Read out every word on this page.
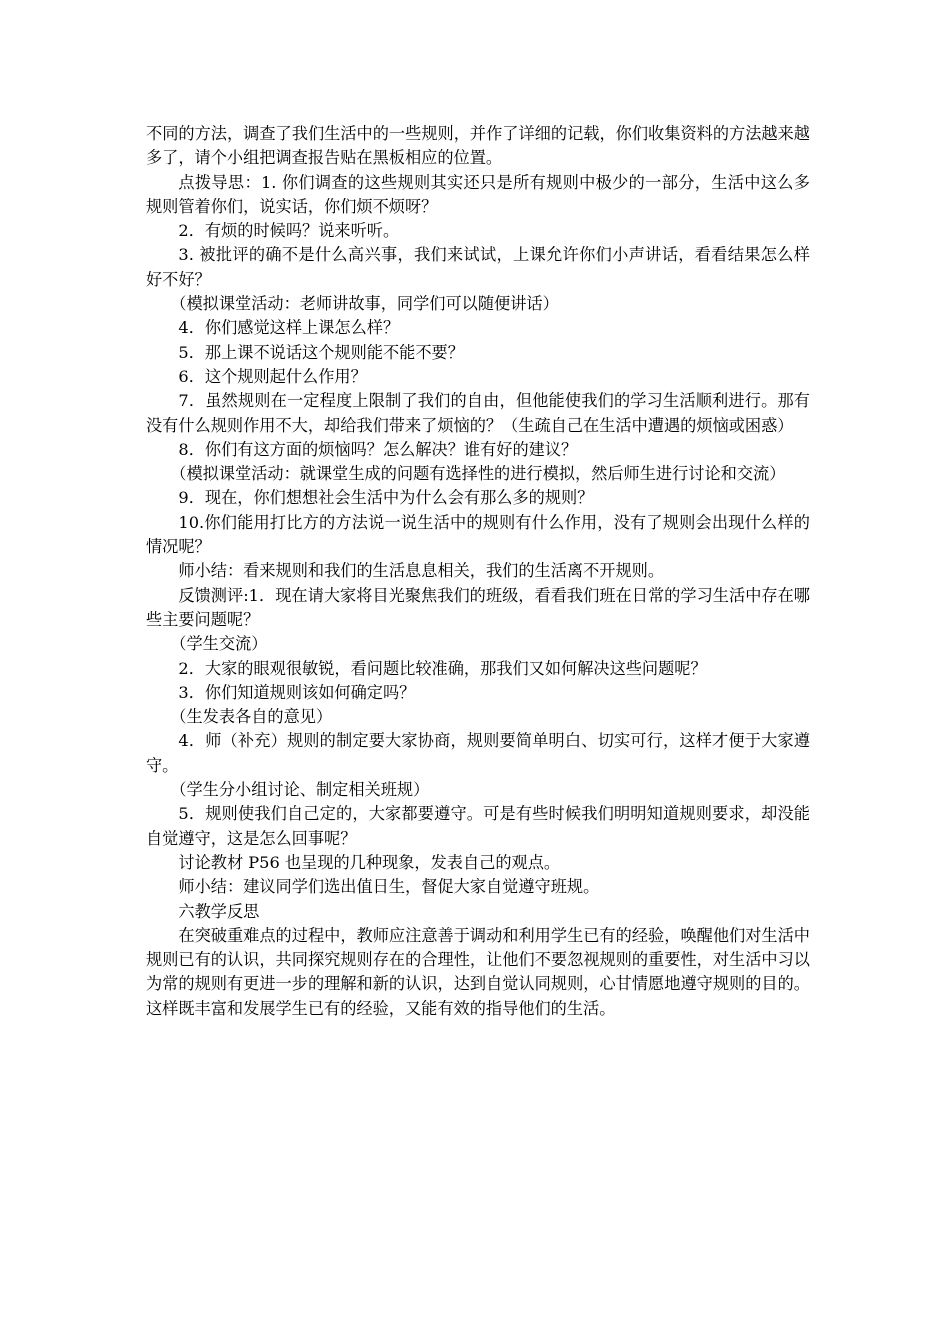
不同的方法，调查了我们生活中的一些规则，并作了详细的记载，你们收集资料的方法越来越多了，请个小组把调查报告贴在黑板相应的位置。

点拨导思：1. 你们调查的这些规则其实还只是所有规则中极少的一部分，生活中这么多规则管着你们，说实话，你们烦不烦呀？

2．有烦的时候吗？说来听听。

3. 被批评的确不是什么高兴事，我们来试试，上课允许你们小声讲话，看看结果怎么样好不好？

（模拟课堂活动：老师讲故事，同学们可以随便讲话）

4．你们感觉这样上课怎么样？

5．那上课不说话这个规则能不能不要？

6．这个规则起什么作用？

7．虽然规则在一定程度上限制了我们的自由，但他能使我们的学习生活顺利进行。那有没有什么规则作用不大，却给我们带来了烦恼的？（生疏自己在生活中遭遇的烦恼或困惑）

8．你们有这方面的烦恼吗？怎么解决？谁有好的建议？

（模拟课堂活动：就课堂生成的问题有选择性的进行模拟，然后师生进行讨论和交流）

9．现在，你们想想社会生活中为什么会有那么多的规则？

10.你们能用打比方的方法说一说生活中的规则有什么作用，没有了规则会出现什么样的情况呢？

师小结：看来规则和我们的生活息息相关，我们的生活离不开规则。

反馈测评:1．现在请大家将目光聚焦我们的班级，看看我们班在日常的学习生活中存在哪些主要问题呢？

（学生交流）

2．大家的眼观很敏锐，看问题比较准确，那我们又如何解决这些问题呢？

3．你们知道规则该如何确定吗？

（生发表各自的意见）

4．师（补充）规则的制定要大家协商，规则要简单明白、切实可行，这样才便于大家遵守。

（学生分小组讨论、制定相关班规）

5．规则使我们自己定的，大家都要遵守。可是有些时候我们明明知道规则要求，却没能自觉遵守，这是怎么回事呢？

讨论教材 P56 也呈现的几种现象，发表自己的观点。

师小结：建议同学们选出值日生，督促大家自觉遵守班规。

六教学反思

在突破重难点的过程中，教师应注意善于调动和利用学生已有的经验，唤醒他们对生活中规则已有的认识，共同探究规则存在的合理性，让他们不要忽视规则的重要性，对生活中习以为常的规则有更进一步的理解和新的认识，达到自觉认同规则，心甘情愿地遵守规则的目的。这样既丰富和发展学生已有的经验，又能有效的指导他们的生活。
